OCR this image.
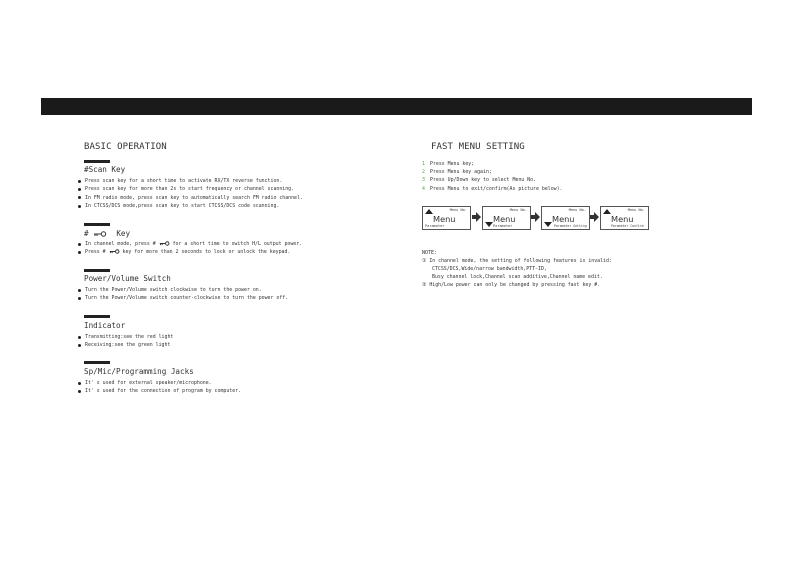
BASIC OPERATION
#Scan Key
Press scan key for a short time to activate RX/TX reverse function.
Press scan key for more than 2s to start frequency or channel scanning.
In FM radio mode, press scan key to automatically search FM radio channel.
In CTCSS/DCS mode,press scan key to start CTCSS/DCS code scanning.
#	Key
In channel mode, press #	for a short time to switch H/L output power.
Press #	key for more than 2 seconds to lock or unlock the keypad.
Power/Volume Switch
Turn the Power/Volume switch clockwise to turn the power on.
Turn the Power/Volume switch counter-clockwise to turn the power off.
Indicator
Transmitting:see the red light
Receiving:see the green light
Sp/Mic/Programming Jacks
It' s used for external speaker/microphone.
It' s used for the connection of program by computer.
FAST MENU SETTING
1 Press Menu key;
2 Press Menu key again;
3 Press Up/Down key to select Menu No.
4 Press Menu to exit/confirm(As picture below).
Menu No.
Menu
Parameter
Menu No.
Menu
Parameter
Menu No.
Menu
Parameter Setting
Menu No.
Menu
Parameter Confirm
NOTE:
① In channel mode, the setting of following features is invalid:
CTCSS/DCS,Wide/narrow bandwidth,PTT-ID,
Busy channel lock,Channel scan additive,Channel name edit.
② High/Low power can only be changed by pressing fast key #.
